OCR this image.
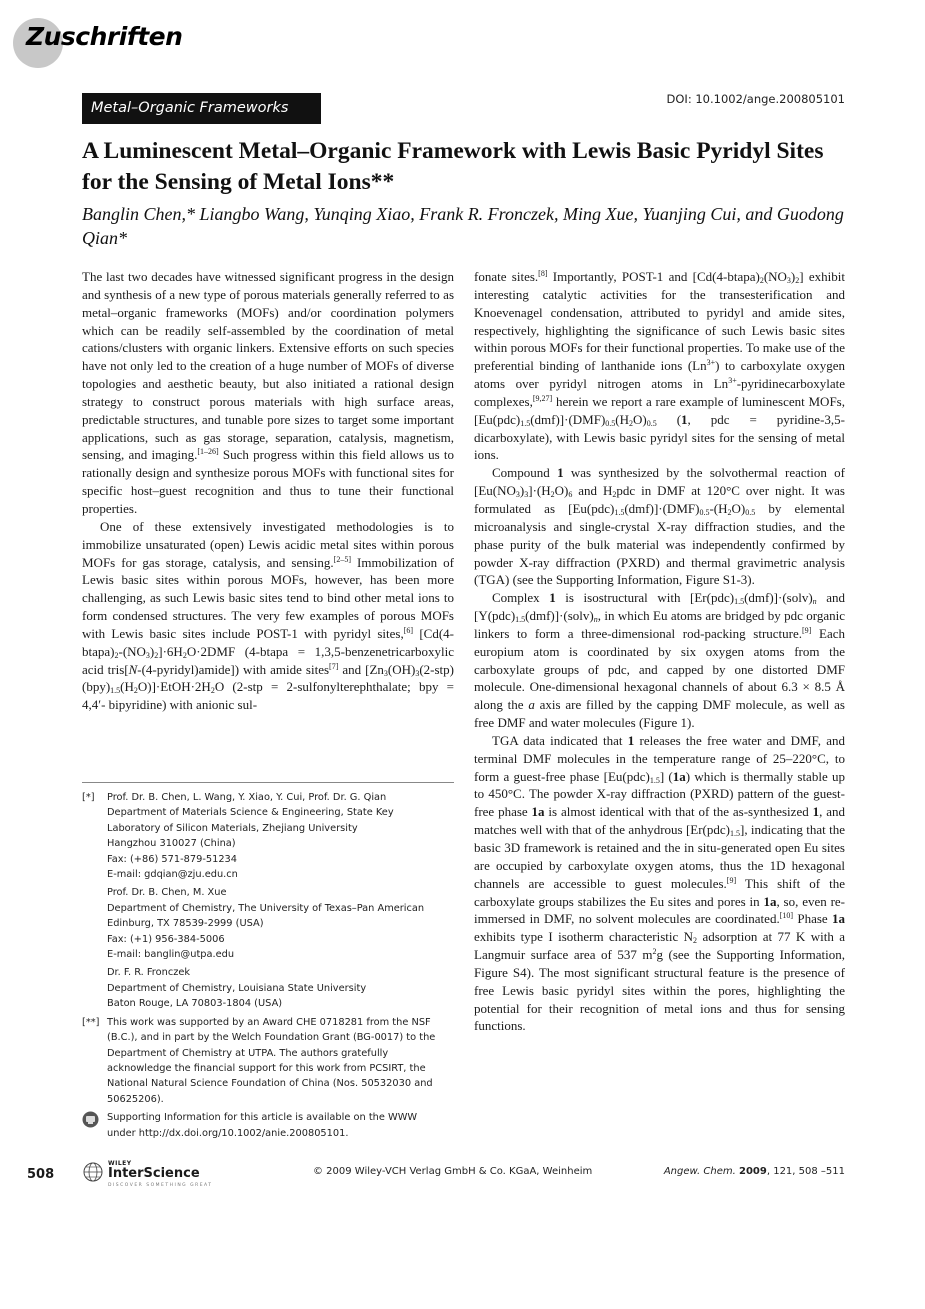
Zuschriften
Metal–Organic Frameworks
DOI: 10.1002/ange.200805101
A Luminescent Metal–Organic Framework with Lewis Basic Pyridyl Sites for the Sensing of Metal Ions**

Banglin Chen,* Liangbo Wang, Yunqing Xiao, Frank R. Fronczek, Ming Xue, Yuanjing Cui, and Guodong Qian*

The last two decades have witnessed significant progress in the design and synthesis of a new type of porous materials generally referred to as metal–organic frameworks (MOFs) and/or coordination polymers which can be readily self-assembled by the coordination of metal cations/clusters with organic linkers. Extensive efforts on such species have not only led to the creation of a huge number of MOFs of diverse topologies and aesthetic beauty, but also initiated a rational design strategy to construct porous materials with high surface areas, predictable structures, and tunable pore sizes to target some important applications, such as gas storage, separation, catalysis, magnetism, sensing, and imaging.[1–26] Such progress within this field allows us to rationally design and synthesize porous MOFs with functional sites for specific host–guest recognition and thus to tune their functional properties.

One of these extensively investigated methodologies is to immobilize unsaturated (open) Lewis acidic metal sites within porous MOFs for gas storage, catalysis, and sensing.[2–5] Immobilization of Lewis basic sites within porous MOFs, however, has been more challenging, as such Lewis basic sites tend to bind other metal ions to form condensed structures. The very few examples of porous MOFs with Lewis basic sites include POST-1 with pyridyl sites,[6] $[Cd(4-btapa)_2-(NO_3)_2]\cdot 6H_2O\cdot 2DMF$ (4-btapa = 1,3,5-benzenetricarboxylic acid tris[N-(4-pyridyl)amide]) with amide sites[7] and $[Zn_3(OH)_3(2-stp)(bpy)_{1.5}(H_2O)]\cdot EtOH\cdot 2H_2O$ (2-stp = 2-sulfonylterephthalate; bpy = 4,4′- bipyridine) with anionic sul-

fonate sites.[8] Importantly, POST-1 and $[Cd(4-btapa)_2(NO_3)_2]$ exhibit interesting catalytic activities for the transesterification and Knoevenagel condensation, attributed to pyridyl and amide sites, respectively, highlighting the significance of such Lewis basic sites within porous MOFs for their functional properties. To make use of the preferential binding of lanthanide ions $(Ln^{3+})$ to carboxylate oxygen atoms over pyridyl nitrogen atoms in $Ln^{3+}$-pyridinecarboxylate complexes,[9,27] herein we report a rare example of luminescent MOFs, $[Eu(pdc)_{1.5}(dmf)]\cdot(DMF)_{0.5}(H_2O)_{0.5}$ (1, pdc = pyridine-3,5-dicarboxylate), with Lewis basic pyridyl sites for the sensing of metal ions.

Compound 1 was synthesized by the solvothermal reaction of $[Eu(NO_3)_3]\cdot(H_2O)_6$ and $H_2pdc$ in DMF at 120°C over night. It was formulated as $[Eu(pdc)_{1.5}(dmf)]\cdot(DMF)_{0.5}-(H_2O)_{0.5}$ by elemental microanalysis and single-crystal X-ray diffraction studies, and the phase purity of the bulk material was independently confirmed by powder X-ray diffraction (PXRD) and thermal gravimetric analysis (TGA) (see the Supporting Information, Figure S1-3).

Complex 1 is isostructural with $[Er(pdc)_{1.5}(dmf)]\cdot(solv)_n$ and $[Y(pdc)_{1.5}(dmf)]\cdot(solv)_n$, in which Eu atoms are bridged by pdc organic linkers to form a three-dimensional rod-packing structure.[9] Each europium atom is coordinated by six oxygen atoms from the carboxylate groups of pdc, and capped by one distorted DMF molecule. One-dimensional hexagonal channels of about 6.3 × 8.5 Å along the a axis are filled by the capping DMF molecule, as well as free DMF and water molecules (Figure 1).

TGA data indicated that 1 releases the free water and DMF, and terminal DMF molecules in the temperature range of 25–220°C, to form a guest-free phase $[Eu(pdc)_{1.5}]$ (1a) which is thermally stable up to 450°C. The powder X-ray diffraction (PXRD) pattern of the guest-free phase 1a is almost identical with that of the as-synthesized 1, and matches well with that of the anhydrous $[Er(pdc)_{1.5}]$, indicating that the basic 3D framework is retained and the in situ-generated open Eu sites are occupied by carboxylate oxygen atoms, thus the 1D hexagonal channels are accessible to guest molecules.[9] This shift of the carboxylate groups stabilizes the Eu sites and pores in 1a, so, even re-immersed in DMF, no solvent molecules are coordinated.[10] Phase 1a exhibits type I isotherm characteristic $N_2$ adsorption at 77 K with a Langmuir surface area of 537 $m^2g$ (see the Supporting Information, Figure S4). The most significant structural feature is the presence of free Lewis basic pyridyl sites within the pores, highlighting the potential for their recognition of metal ions and thus for sensing functions.

[*] Prof. Dr. B. Chen, L. Wang, Y. Xiao, Y. Cui, Prof. Dr. G. Qian
Department of Materials Science & Engineering, State Key
Laboratory of Silicon Materials, Zhejiang University
Hangzhou 310027 (China)
Fax: (+86) 571-879-51234
E-mail: gdqian@zju.edu.cn
Prof. Dr. B. Chen, M. Xue
Department of Chemistry, The University of Texas–Pan American
Edinburg, TX 78539-2999 (USA)
Fax: (+1) 956-384-5006
E-mail: banglin@utpa.edu
Dr. F. R. Fronczek
Department of Chemistry, Louisiana State University
Baton Rouge, LA 70803-1804 (USA)
[**] This work was supported by an Award CHE 0718281 from the NSF
(B.C.), and in part by the Welch Foundation Grant (BG-0017) to the
Department of Chemistry at UTPA. The authors gratefully
acknowledge the financial support for this work from PCSIRT, the
National Natural Science Foundation of China (Nos. 50532030 and
50625206).
Supporting Information for this article is available on the WWW
under http://dx.doi.org/10.1002/anie.200805101.
508
WILEY
InterScience
DISCOVER SOMETHING GREAT
© 2009 Wiley-VCH Verlag GmbH & Co. KGaA, Weinheim	Angew. Chem. 2009, 121, 508 –511
